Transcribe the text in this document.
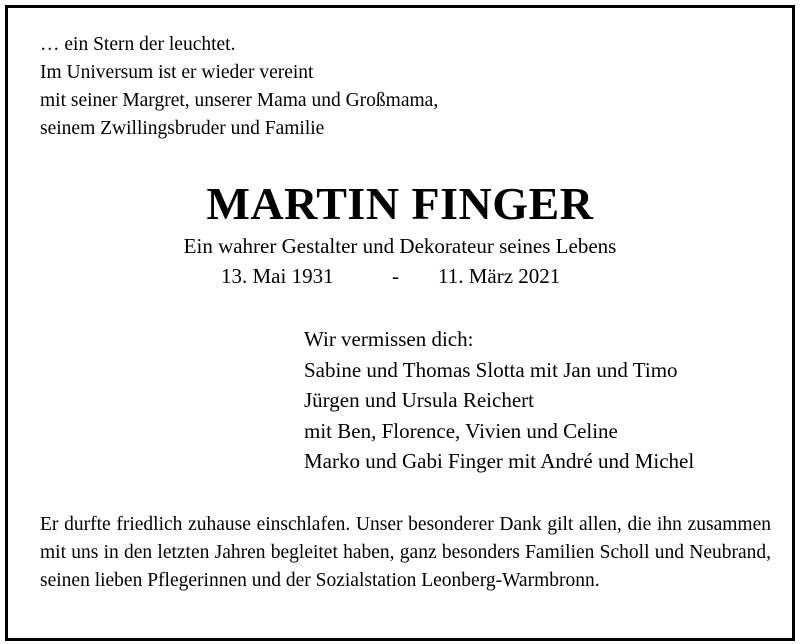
… ein Stern der leuchtet.
Im Universum ist er wieder vereint
mit seiner Margret, unserer Mama und Großmama,
seinem Zwillingsbruder und Familie
MARTIN FINGER
Ein wahrer Gestalter und Dekorateur seines Lebens
13. Mai 1931	- 11. März 2021
Wir vermissen dich:
Sabine und Thomas Slotta mit Jan und Timo
Jürgen und Ursula Reichert
mit Ben, Florence, Vivien und Celine
Marko und Gabi Finger mit André und Michel
Er durfte friedlich zuhause einschlafen. Unser besonderer Dank gilt allen, die ihn zusammen mit uns in den letzten Jahren begleitet haben, ganz besonders Familien Scholl und Neubrand, seinen lieben Pflegerinnen und der Sozialstation Leonberg-Warmbronn.
